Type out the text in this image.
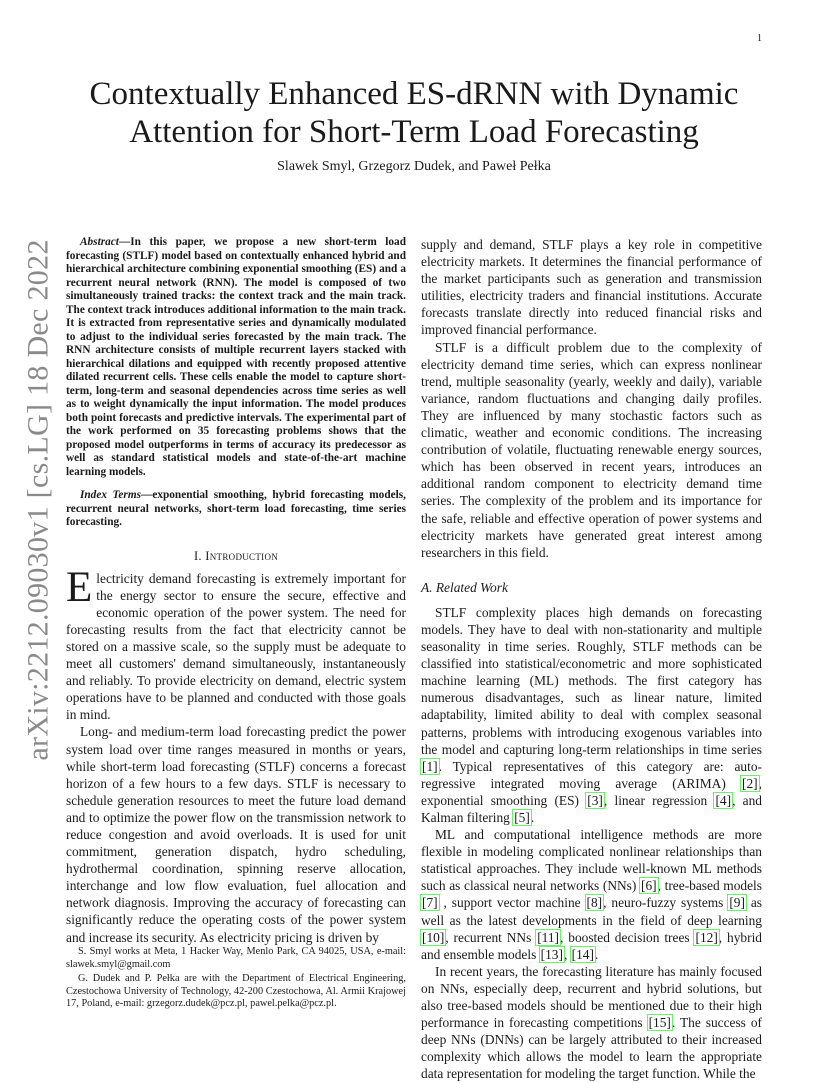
1
arXiv:2212.09030v1 [cs.LG] 18 Dec 2022
Contextually Enhanced ES-dRNN with Dynamic Attention for Short-Term Load Forecasting

Slawek Smyl, Grzegorz Dudek, and Paweł Pełka

Abstract—In this paper, we propose a new short-term load forecasting (STLF) model based on contextually enhanced hybrid and hierarchical architecture combining exponential smoothing (ES) and a recurrent neural network (RNN). The model is composed of two simultaneously trained tracks: the context track and the main track. The context track introduces additional information to the main track. It is extracted from representative series and dynamically modulated to adjust to the individual series forecasted by the main track. The RNN architecture consists of multiple recurrent layers stacked with hierarchical dilations and equipped with recently proposed attentive dilated recurrent cells. These cells enable the model to capture short-term, long-term and seasonal dependencies across time series as well as to weight dynamically the input information. The model produces both point forecasts and predictive intervals. The experimental part of the work performed on 35 forecasting problems shows that the proposed model outperforms in terms of accuracy its predecessor as well as standard statistical models and state-of-the-art machine learning models.

Index Terms—exponential smoothing, hybrid forecasting models, recurrent neural networks, short-term load forecasting, time series forecasting.

I. Introduction

Electricity demand forecasting is extremely important for the energy sector to ensure the secure, effective and economic operation of the power system. The need for forecasting results from the fact that electricity cannot be stored on a massive scale, so the supply must be adequate to meet all customers' demand simultaneously, instantaneously and reliably. To provide electricity on demand, electric system operations have to be planned and conducted with those goals in mind.

Long- and medium-term load forecasting predict the power system load over time ranges measured in months or years, while short-term load forecasting (STLF) concerns a forecast horizon of a few hours to a few days. STLF is necessary to schedule generation resources to meet the future load demand and to optimize the power flow on the transmission network to reduce congestion and avoid overloads. It is used for unit commitment, generation dispatch, hydro scheduling, hydrothermal coordination, spinning reserve allocation, interchange and low flow evaluation, fuel allocation and network diagnosis. Improving the accuracy of forecasting can significantly reduce the operating costs of the power system and increase its security. As electricity pricing is driven by

S. Smyl works at Meta, 1 Hacker Way, Menlo Park, CA 94025, USA, e-mail: slawek.smyl@gmail.com

G. Dudek and P. Pełka are with the Department of Electrical Engineering, Czestochowa University of Technology, 42-200 Czestochowa, Al. Armii Krajowej 17, Poland, e-mail: grzegorz.dudek@pcz.pl, pawel.pelka@pcz.pl.

supply and demand, STLF plays a key role in competitive electricity markets. It determines the financial performance of the market participants such as generation and transmission utilities, electricity traders and financial institutions. Accurate forecasts translate directly into reduced financial risks and improved financial performance.

STLF is a difficult problem due to the complexity of electricity demand time series, which can express nonlinear trend, multiple seasonality (yearly, weekly and daily), variable variance, random fluctuations and changing daily profiles. They are influenced by many stochastic factors such as climatic, weather and economic conditions. The increasing contribution of volatile, fluctuating renewable energy sources, which has been observed in recent years, introduces an additional random component to electricity demand time series. The complexity of the problem and its importance for the safe, reliable and effective operation of power systems and electricity markets have generated great interest among researchers in this field.

A. Related Work

STLF complexity places high demands on forecasting models. They have to deal with non-stationarity and multiple seasonality in time series. Roughly, STLF methods can be classified into statistical/econometric and more sophisticated machine learning (ML) methods. The first category has numerous disadvantages, such as linear nature, limited adaptability, limited ability to deal with complex seasonal patterns, problems with introducing exogenous variables into the model and capturing long-term relationships in time series [1]. Typical representatives of this category are: auto-regressive integrated moving average (ARIMA) [2], exponential smoothing (ES) [3], linear regression [4], and Kalman filtering [5].

ML and computational intelligence methods are more flexible in modeling complicated nonlinear relationships than statistical approaches. They include well-known ML methods such as classical neural networks (NNs) [6], tree-based models [7] , support vector machine [8], neuro-fuzzy systems [9] as well as the latest developments in the field of deep learning [10], recurrent NNs [11], boosted decision trees [12], hybrid and ensemble models [13], [14].

In recent years, the forecasting literature has mainly focused on NNs, especially deep, recurrent and hybrid solutions, but also tree-based models should be mentioned due to their high performance in forecasting competitions [15]. The success of deep NNs (DNNs) can be largely attributed to their increased complexity which allows the model to learn the appropriate data representation for modeling the target function. While the
